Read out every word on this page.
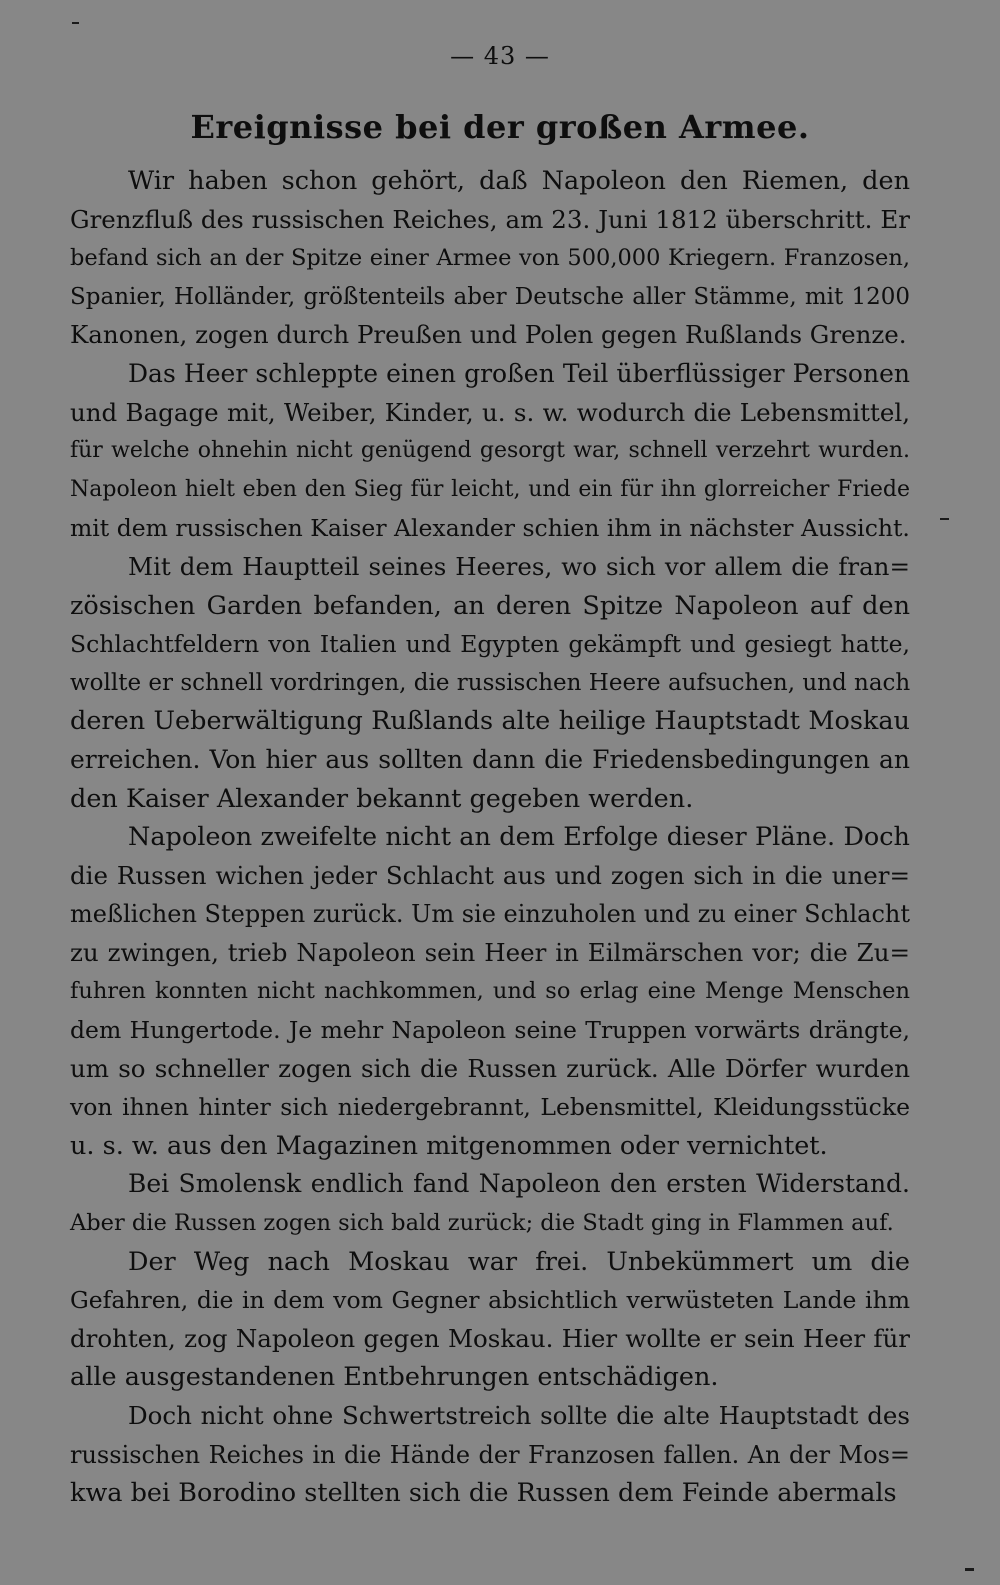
— 43 —
Ereignisse bei der großen Armee.

Wir haben schon gehört, daß Napoleon den Riemen, den
Grenzfluß des russischen Reiches, am 23. Juni 1812 überschritt. Er
befand sich an der Spitze einer Armee von 500,000 Kriegern. Franzosen,
Spanier, Holländer, größtenteils aber Deutsche aller Stämme, mit 1200
Kanonen, zogen durch Preußen und Polen gegen Rußlands Grenze.

Das Heer schleppte einen großen Teil überflüssiger Personen
und Bagage mit, Weiber, Kinder, u. s. w. wodurch die Lebensmittel,
für welche ohnehin nicht genügend gesorgt war, schnell verzehrt wurden.
Napoleon hielt eben den Sieg für leicht, und ein für ihn glorreicher Friede
mit dem russischen Kaiser Alexander schien ihm in nächster Aussicht.

Mit dem Hauptteil seines Heeres, wo sich vor allem die fran=
zösischen Garden befanden, an deren Spitze Napoleon auf den
Schlachtfeldern von Italien und Egypten gekämpft und gesiegt hatte,
wollte er schnell vordringen, die russischen Heere aufsuchen, und nach
deren Ueberwältigung Rußlands alte heilige Hauptstadt Moskau
erreichen. Von hier aus sollten dann die Friedensbedingungen an
den Kaiser Alexander bekannt gegeben werden.

Napoleon zweifelte nicht an dem Erfolge dieser Pläne. Doch
die Russen wichen jeder Schlacht aus und zogen sich in die uner=
meßlichen Steppen zurück. Um sie einzuholen und zu einer Schlacht
zu zwingen, trieb Napoleon sein Heer in Eilmärschen vor; die Zu=
fuhren konnten nicht nachkommen, und so erlag eine Menge Menschen
dem Hungertode. Je mehr Napoleon seine Truppen vorwärts drängte,
um so schneller zogen sich die Russen zurück. Alle Dörfer wurden
von ihnen hinter sich niedergebrannt, Lebensmittel, Kleidungsstücke
u. s. w. aus den Magazinen mitgenommen oder vernichtet.

Bei Smolensk endlich fand Napoleon den ersten Widerstand.
Aber die Russen zogen sich bald zurück; die Stadt ging in Flammen auf.

Der Weg nach Moskau war frei. Unbekümmert um die
Gefahren, die in dem vom Gegner absichtlich verwüsteten Lande ihm
drohten, zog Napoleon gegen Moskau. Hier wollte er sein Heer für
alle ausgestandenen Entbehrungen entschädigen.

Doch nicht ohne Schwertstreich sollte die alte Hauptstadt des
russischen Reiches in die Hände der Franzosen fallen. An der Mos=
kwa bei Borodino stellten sich die Russen dem Feinde abermals
